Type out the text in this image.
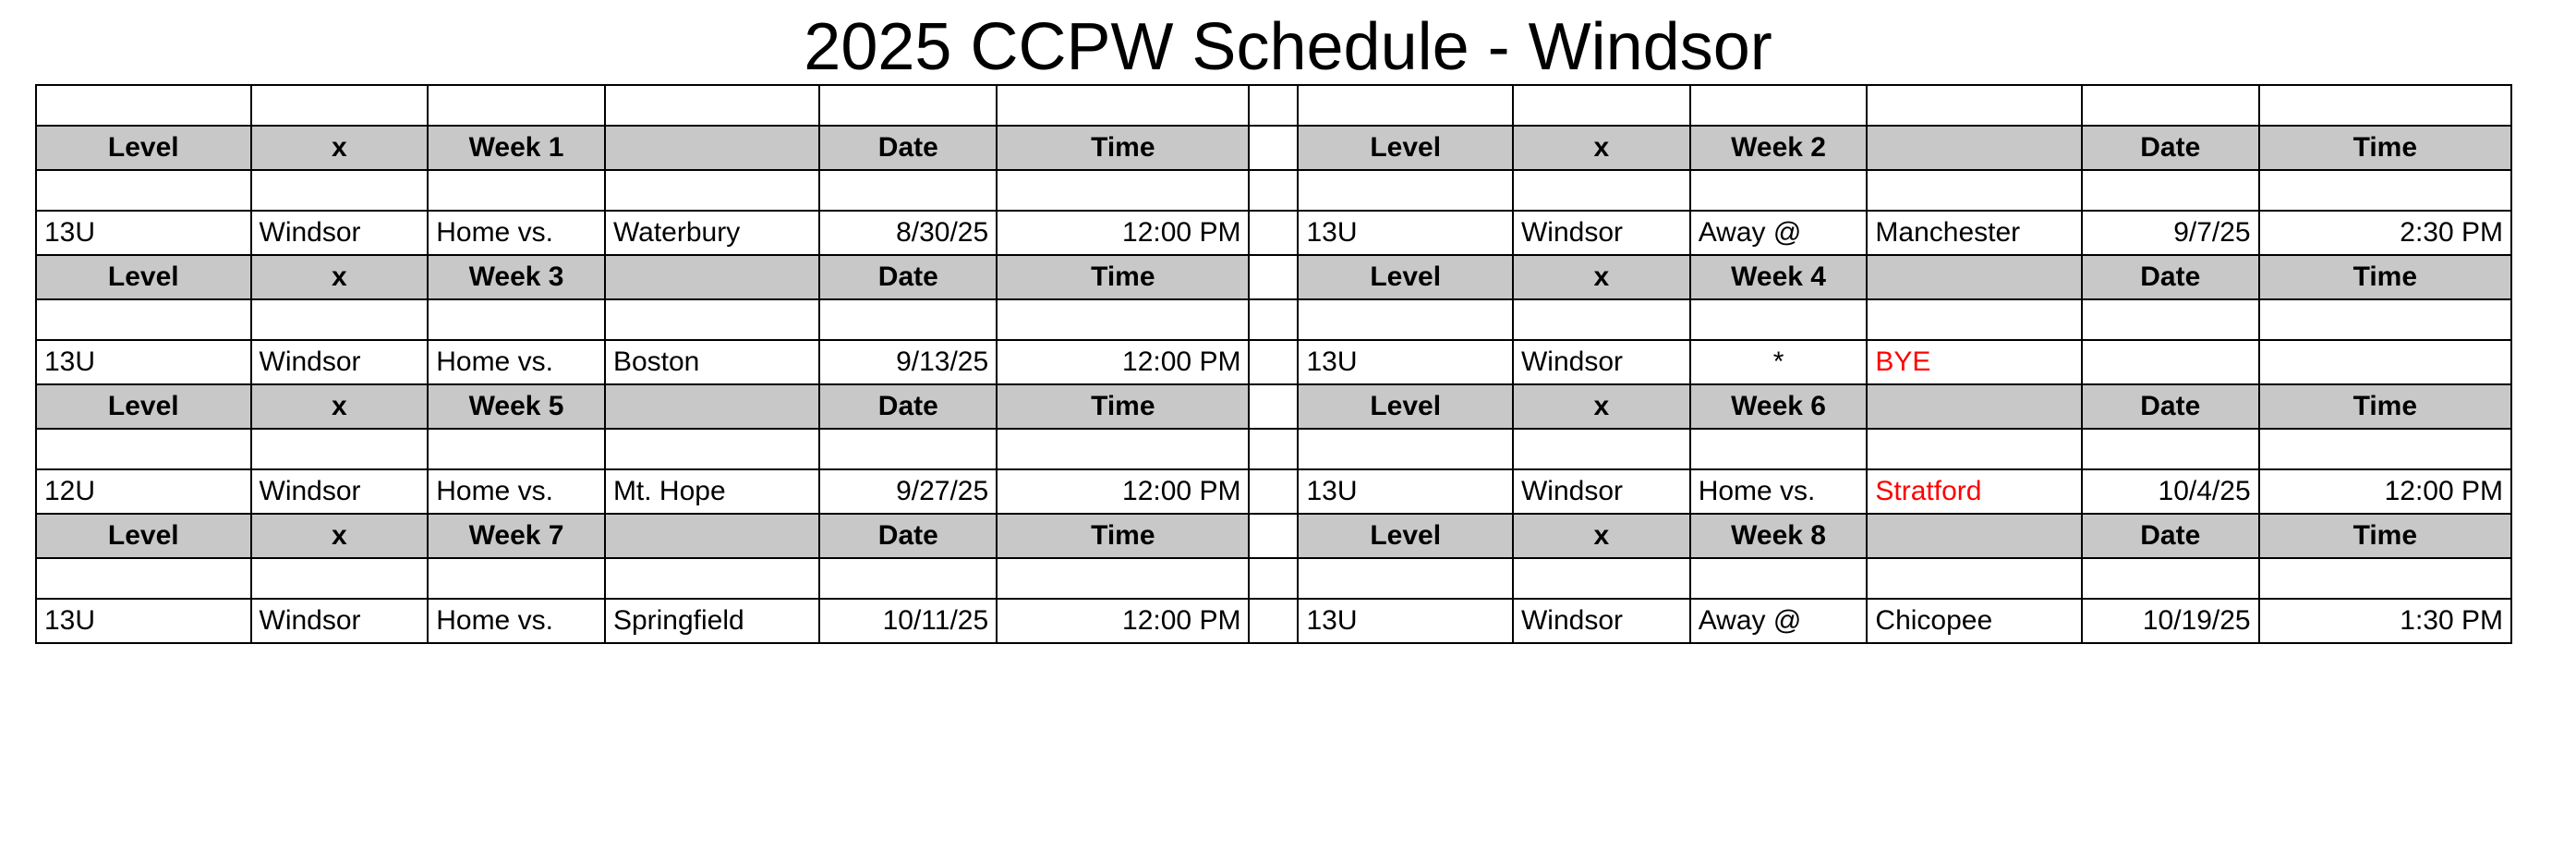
2025 CCPW Schedule - Windsor

Level	x	Week 1		Date	Time		Level	x	Week 2		Date	Time

13U	Windsor	Home vs.	Waterbury	8/30/25	12:00 PM		13U	Windsor	Away @	Manchester	9/7/25	2:30 PM
Level	x	Week 3		Date	Time		Level	x	Week 4		Date	Time

13U	Windsor	Home vs.	Boston	9/13/25	12:00 PM		13U	Windsor	*	BYE		
Level	x	Week 5		Date	Time		Level	x	Week 6		Date	Time

12U	Windsor	Home vs.	Mt. Hope	9/27/25	12:00 PM		13U	Windsor	Home vs.	Stratford	10/4/25	12:00 PM
Level	x	Week 7		Date	Time		Level	x	Week 8		Date	Time

13U	Windsor	Home vs.	Springfield	10/11/25	12:00 PM		13U	Windsor	Away @	Chicopee	10/19/25	1:30 PM
